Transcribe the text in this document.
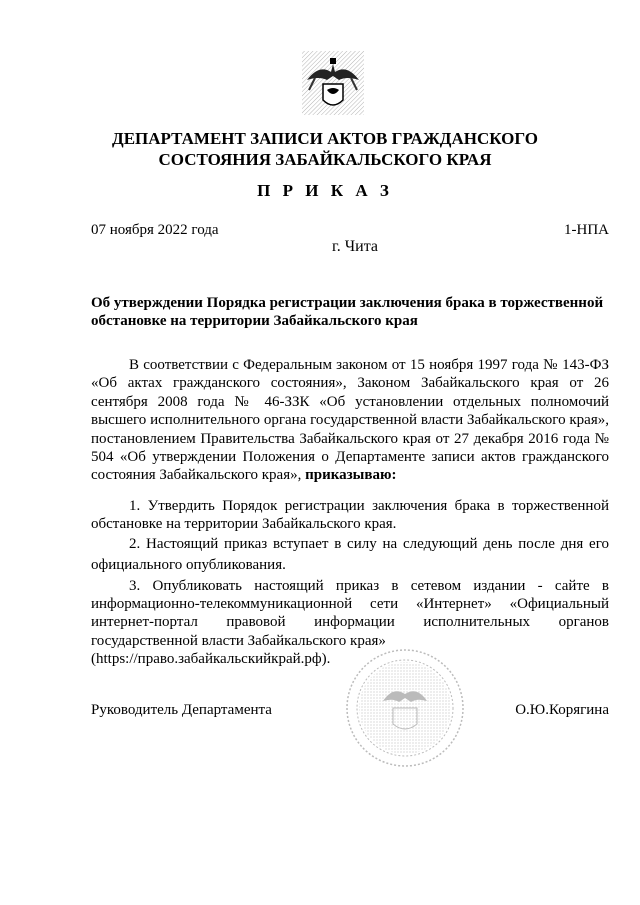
ДЕПАРТАМЕНТ ЗАПИСИ АКТОВ ГРАЖДАНСКОГО
СОСТОЯНИЯ ЗАБАЙКАЛЬСКОГО КРАЯ
П Р И К А З
07 ноября 2022 года	1-НПА
г. Чита
Об утверждении Порядка регистрации заключения брака в торжественной обстановке на территории Забайкальского края

В соответствии с Федеральным законом от 15 ноября 1997 года № 143-ФЗ «Об актах гражданского состояния», Законом Забайкальского края от 26 сентября 2008 года № 46-ЗЗК «Об установлении отдельных полномочий высшего исполнительного органа государственной власти Забайкальского края», постановлением Правительства Забайкальского края от 27 декабря 2016 года № 504 «Об утверждении Положения о Департаменте записи актов гражданского состояния Забайкальского края», приказываю:

1. Утвердить Порядок регистрации заключения брака в торжественной обстановке на территории Забайкальского края.

2. Настоящий приказ вступает в силу на следующий день после дня его официального опубликования.

3. Опубликовать настоящий приказ в сетевом издании - сайте в информационно-телекоммуникационной сети «Интернет» «Официальный интернет-портал правовой информации исполнительных органов государственной власти Забайкальского края»
(https://право.забайкальскийкрай.рф).

Руководитель Департамента	О.Ю.Корягина
